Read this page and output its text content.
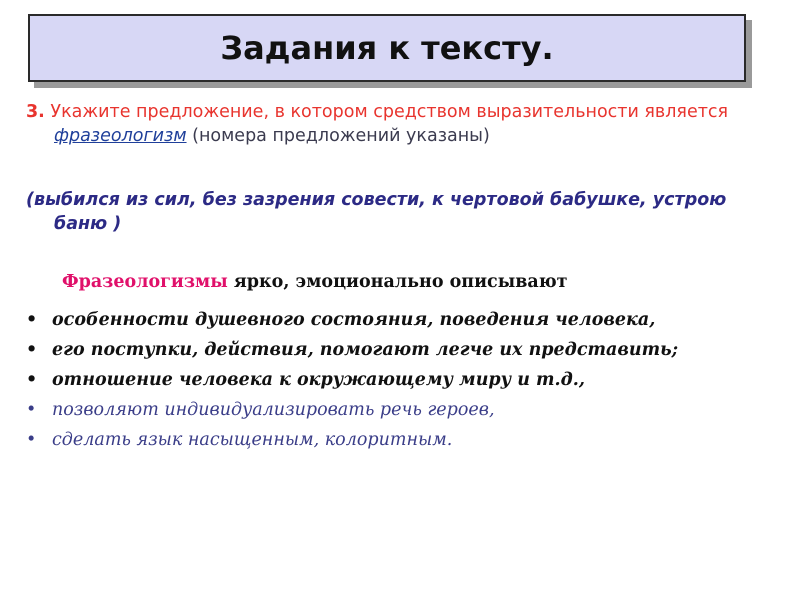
Задания к тексту.
3. Укажите предложение, в котором средством выразительности является фразеологизм (номера предложений указаны)
(выбился из сил, без зазрения совести, к чертовой бабушке, устрою баню )
Фразеологизмы ярко, эмоционально описывают
• особенности душевного состояния, поведения человека,
• его поступки, действия, помогают легче их представить;
• отношение человека к окружающему миру и т.д.,
• позволяют индивидуализировать речь героев,
• сделать язык насыщенным, колоритным.
